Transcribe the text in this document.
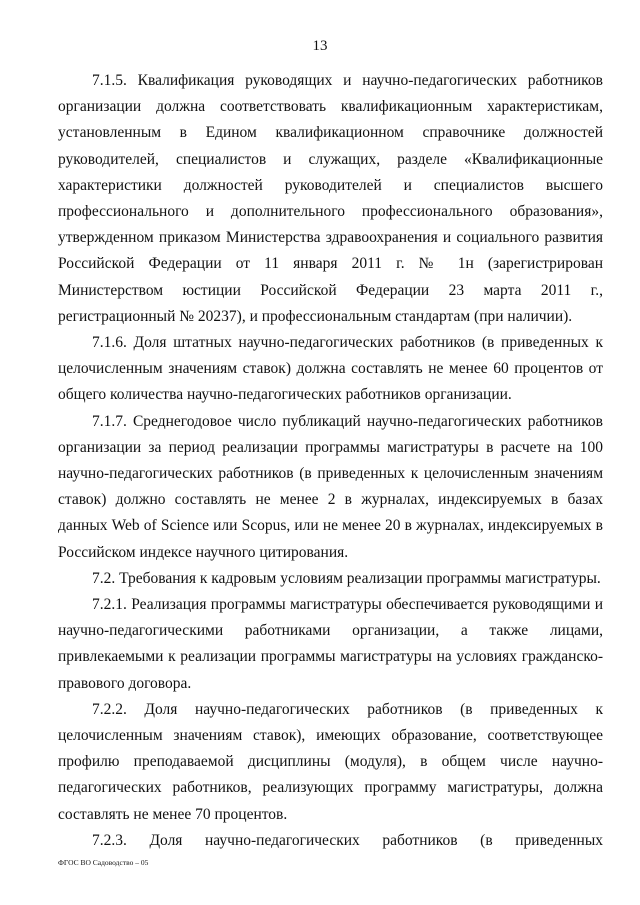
13

7.1.5. Квалификация руководящих и научно-педагогических работников организации должна соответствовать квалификационным характеристикам, установленным в Едином квалификационном справочнике должностей руководителей, специалистов и служащих, разделе «Квалификационные характеристики должностей руководителей и специалистов высшего профессионального и дополнительного профессионального образования», утвержденном приказом Министерства здравоохранения и социального развития Российской Федерации от 11 января 2011 г. № 1н (зарегистрирован Министерством юстиции Российской Федерации 23 марта 2011 г., регистрационный № 20237), и профессиональным стандартам (при наличии).

7.1.6. Доля штатных научно-педагогических работников (в приведенных к целочисленным значениям ставок) должна составлять не менее 60 процентов от общего количества научно-педагогических работников организации.

7.1.7. Среднегодовое число публикаций научно-педагогических работников организации за период реализации программы магистратуры в расчете на 100 научно-педагогических работников (в приведенных к целочисленным значениям ставок) должно составлять не менее 2 в журналах, индексируемых в базах данных Web of Science или Scopus, или не менее 20 в журналах, индексируемых в Российском индексе научного цитирования.

7.2. Требования к кадровым условиям реализации программы магистратуры.

7.2.1. Реализация программы магистратуры обеспечивается руководящими и научно-педагогическими работниками организации, а также лицами, привлекаемыми к реализации программы магистратуры на условиях гражданско-правового договора.

7.2.2. Доля научно-педагогических работников (в приведенных к целочисленным значениям ставок), имеющих образование, соответствующее профилю преподаваемой дисциплины (модуля), в общем числе научно-педагогических работников, реализующих программу магистратуры, должна составлять не менее 70 процентов.

7.2.3. Доля научно-педагогических работников (в приведенных

ФГОС ВО Садоводство – 05
